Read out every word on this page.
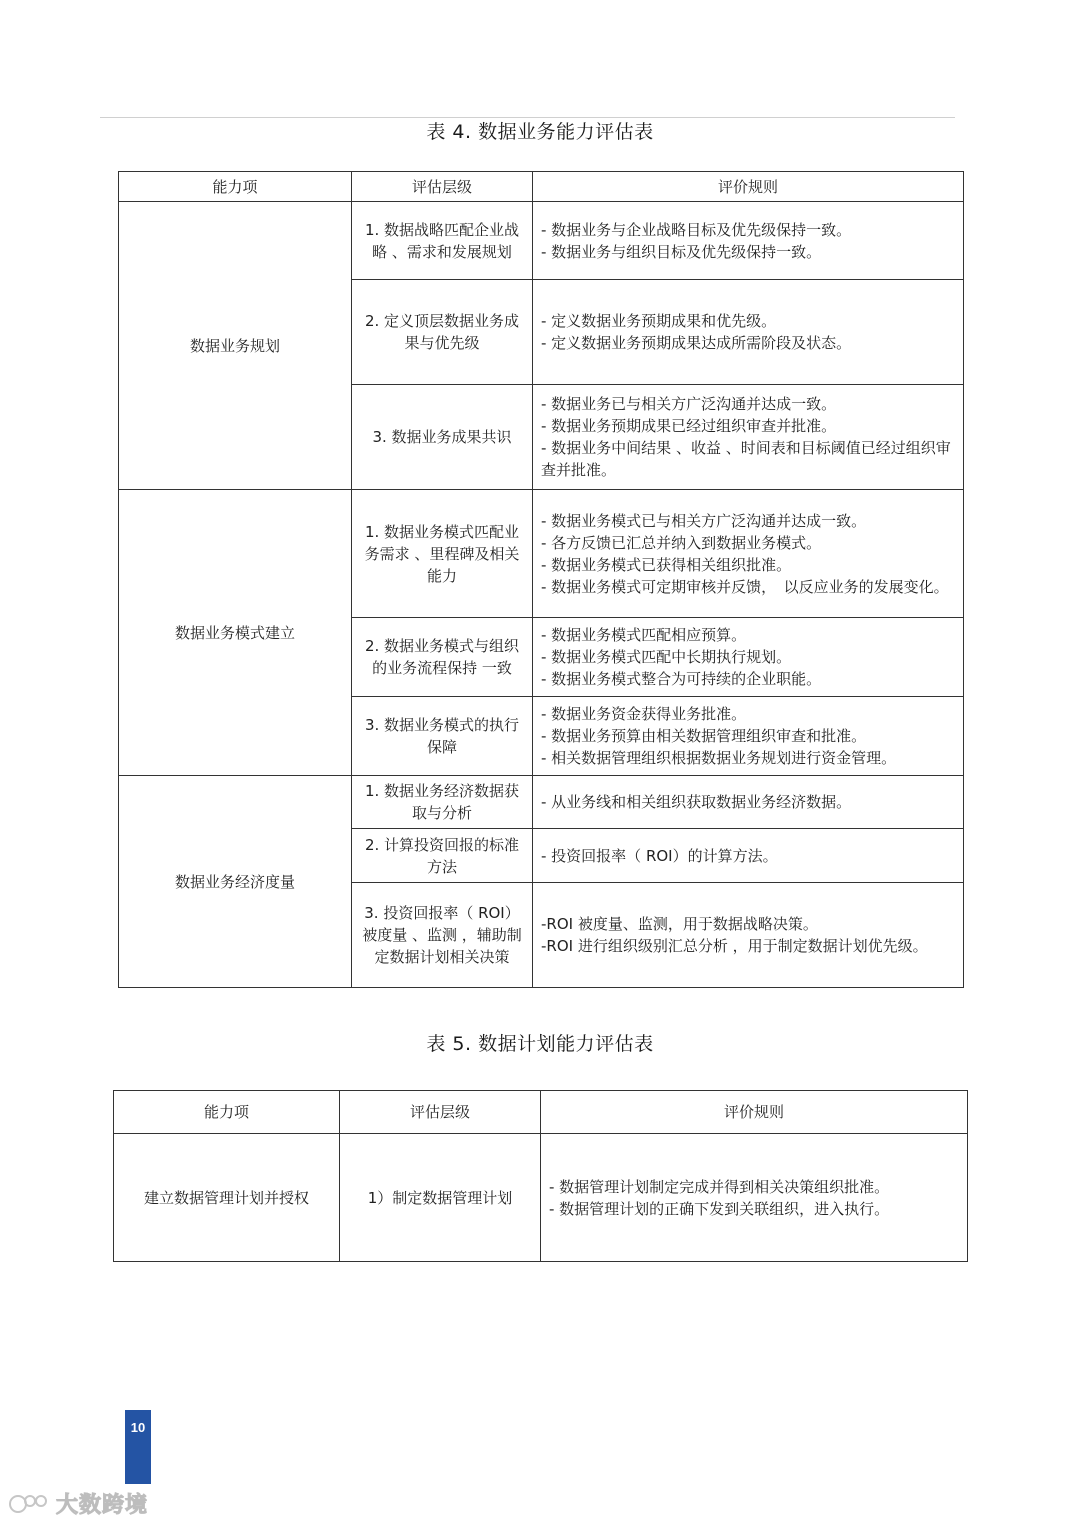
表 4. 数据业务能力评估表
能力项	评估层级	评价规则
数据业务规划	1. 数据战略匹配企业战略 、需求和发展规划	- 数据业务与企业战略目标及优先级保持一致。
- 数据业务与组织目标及优先级保持一致。

	2. 定义顶层数据业务成果与优先级	- 定义数据业务预期成果和优先级。
- 定义数据业务预期成果达成所需阶段及状态。

	3. 数据业务成果共识	- 数据业务已与相关方广泛沟通并达成一致。
- 数据业务预期成果已经过组织审查并批准。
- 数据业务中间结果 、收益 、时间表和目标阈值已经过组织审查并批准。

数据业务模式建立	1. 数据业务模式匹配业务需求 、里程碑及相关能力	- 数据业务模式已与相关方广泛沟通并达成一致。
- 各方反馈已汇总并纳入到数据业务模式。
- 数据业务模式已获得相关组织批准。
- 数据业务模式可定期审核并反馈，　以反应业务的发展变化。

	2. 数据业务模式与组织的业务流程保持 一致	- 数据业务模式匹配相应预算。
- 数据业务模式匹配中长期执行规划。
- 数据业务模式整合为可持续的企业职能。

	3. 数据业务模式的执行保障	- 数据业务资金获得业务批准。
- 数据业务预算由相关数据管理组织审查和批准。
- 相关数据管理组织根据数据业务规划进行资金管理。

数据业务经济度量	1. 数据业务经济数据获取与分析	- 从业务线和相关组织获取数据业务经济数据。

	2. 计算投资回报的标准方法	- 投资回报率（ ROI）的计算方法。

	3. 投资回报率（ ROI）被度量 、监测 ，辅助制定数据计划相关决策	-ROI 被度量、监测，用于数据战略决策。
-ROI 进行组织级别汇总分析 ，用于制定数据计划优先级。
表 5. 数据计划能力评估表
能力项	评估层级	评价规则
建立数据管理计划并授权	1）制定数据管理计划	- 数据管理计划制定完成并得到相关决策组织批准。
- 数据管理计划的正确下发到关联组织，进入执行。
10
大数跨境
